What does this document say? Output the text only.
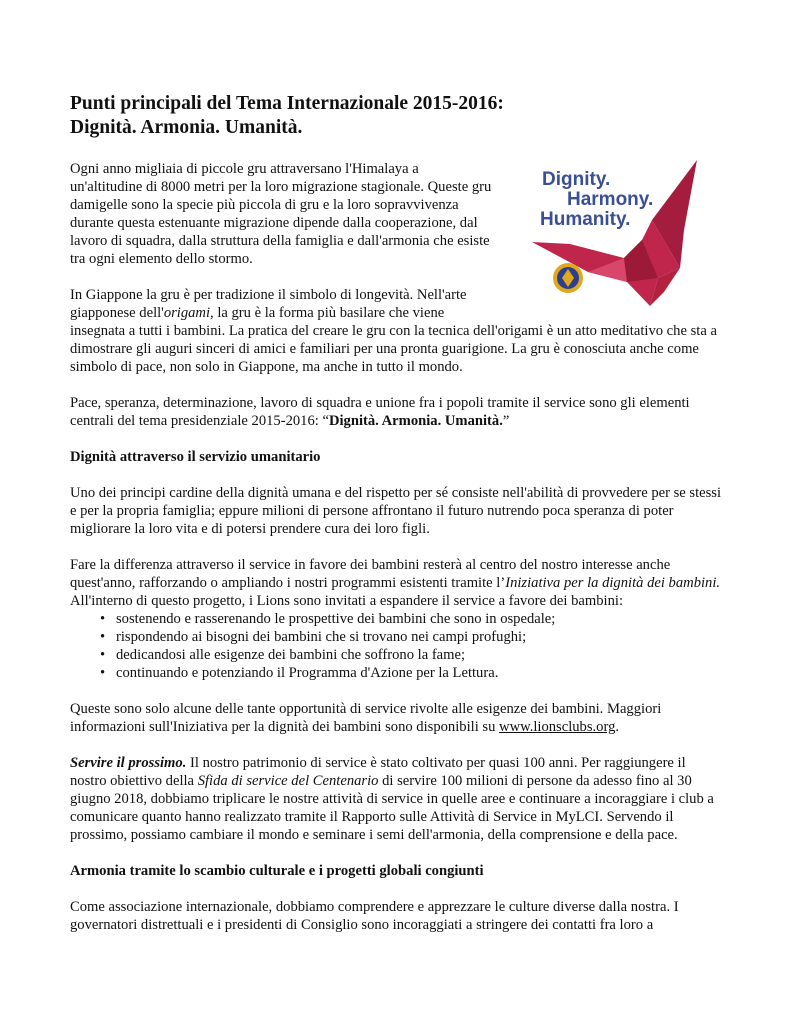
Punti principali del Tema Internazionale 2015-2016:
Dignità. Armonia. Umanità.
Ogni anno migliaia di piccole gru attraversano l'Himalaya a
un'altitudine di 8000 metri per la loro migrazione stagionale. Queste gru
damigelle sono la specie più piccola di gru e la loro sopravvivenza
durante questa estenuante migrazione dipende dalla cooperazione, dal
lavoro di squadra, dalla struttura della famiglia e dall'armonia che esiste
tra ogni elemento dello stormo.
In Giappone la gru è per tradizione il simbolo di longevità. Nell'arte
giapponese dell'origami, la gru è la forma più basilare che viene

insegnata a tutti i bambini. La pratica del creare le gru con la tecnica dell'origami è un atto meditativo che sta a dimostrare gli auguri sinceri di amici e familiari per una pronta guarigione. La gru è conosciuta anche come simbolo di pace, non solo in Giappone, ma anche in tutto il mondo.

Pace, speranza, determinazione, lavoro di squadra e unione fra i popoli tramite il service sono gli elementi centrali del tema presidenziale 2015-2016: “Dignità. Armonia. Umanità.”

Dignità attraverso il servizio umanitario

Uno dei principi cardine della dignità umana e del rispetto per sé consiste nell'abilità di provvedere per se stessi e per la propria famiglia; eppure milioni di persone affrontano il futuro nutrendo poca speranza di poter migliorare la loro vita e di potersi prendere cura dei loro figli.

Fare la differenza attraverso il service in favore dei bambini resterà al centro del nostro interesse anche quest'anno, rafforzando o ampliando i nostri programmi esistenti tramite l’Iniziativa per la dignità dei bambini. All'interno di questo progetto, i Lions sono invitati a espandere il service a favore dei bambini:

• sostenendo e rasserenando le prospettive dei bambini che sono in ospedale;
• rispondendo ai bisogni dei bambini che si trovano nei campi profughi;
• dedicandosi alle esigenze dei bambini che soffrono la fame;
• continuando e potenziando il Programma d'Azione per la Lettura.

Queste sono solo alcune delle tante opportunità di service rivolte alle esigenze dei bambini. Maggiori informazioni sull'Iniziativa per la dignità dei bambini sono disponibili su www.lionsclubs.org.

Servire il prossimo. Il nostro patrimonio di service è stato coltivato per quasi 100 anni. Per raggiungere il nostro obiettivo della Sfida di service del Centenario di servire 100 milioni di persone da adesso fino al 30 giugno 2018, dobbiamo triplicare le nostre attività di service in quelle aree e continuare a incoraggiare i club a comunicare quanto hanno realizzato tramite il Rapporto sulle Attività di Service in MyLCI. Servendo il prossimo, possiamo cambiare il mondo e seminare i semi dell'armonia, della comprensione e della pace.

Armonia tramite lo scambio culturale e i progetti globali congiunti

Come associazione internazionale, dobbiamo comprendere e apprezzare le culture diverse dalla nostra. I governatori distrettuali e i presidenti di Consiglio sono incoraggiati a stringere dei contatti fra loro a

Dignity.
Harmony.
Humanity.
